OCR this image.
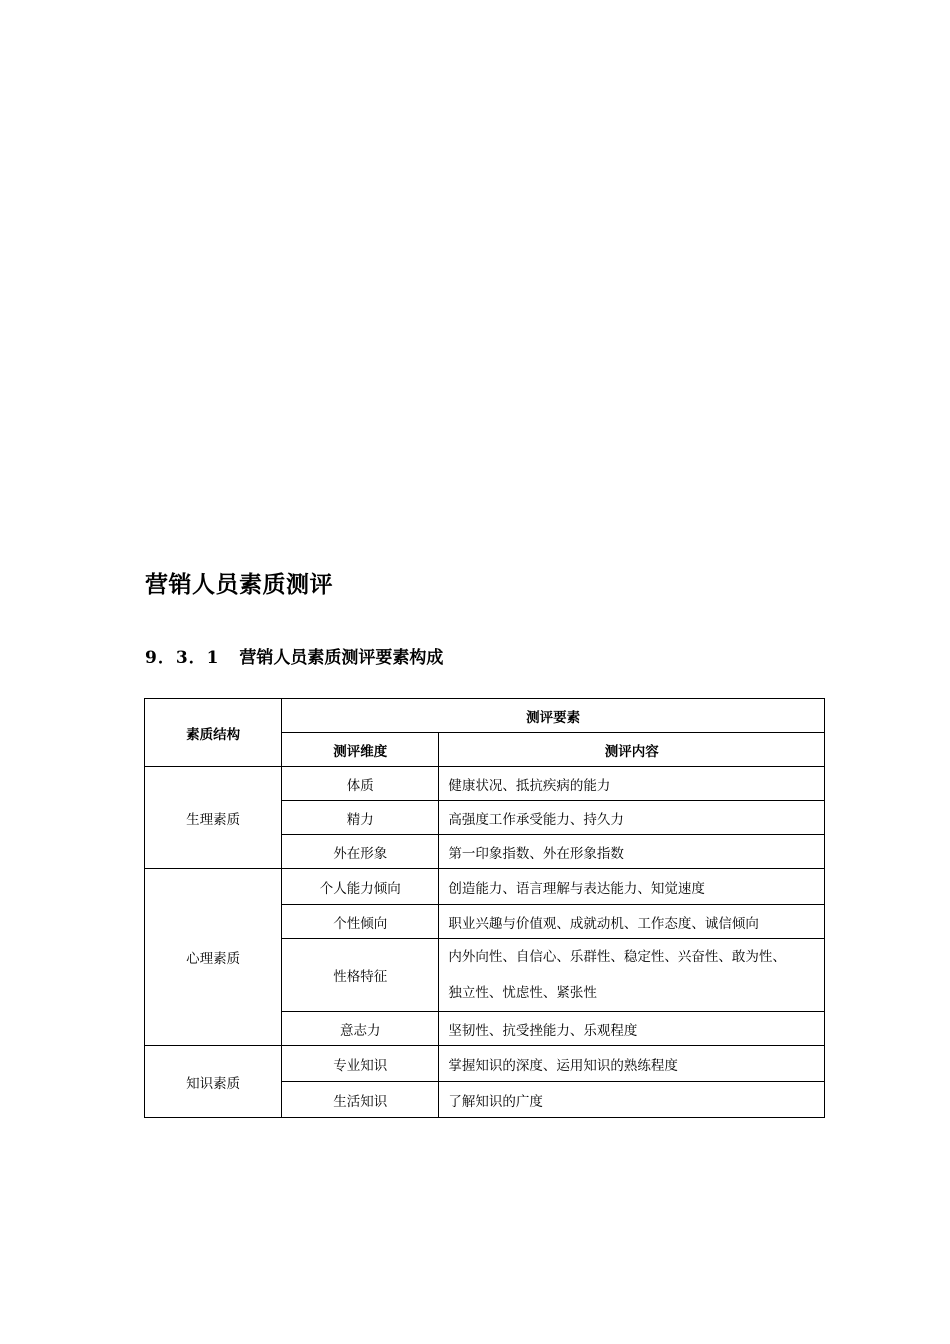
营销人员素质测评
9．3．1 营销人员素质测评要素构成
素质结构	测评要素	
	测评维度	测评内容
生理素质	体质	健康状况、抵抗疾病的能力
	精力	高强度工作承受能力、持久力
	外在形象	第一印象指数、外在形象指数
心理素质	个人能力倾向	创造能力、语言理解与表达能力、知觉速度
	个性倾向	职业兴趣与价值观、成就动机、工作态度、诚信倾向
	性格特征	内外向性、自信心、乐群性、稳定性、兴奋性、敢为性、
独立性、忧虑性、紧张性
	意志力	坚韧性、抗受挫能力、乐观程度
知识素质	专业知识	掌握知识的深度、运用知识的熟练程度
	生活知识	了解知识的广度
